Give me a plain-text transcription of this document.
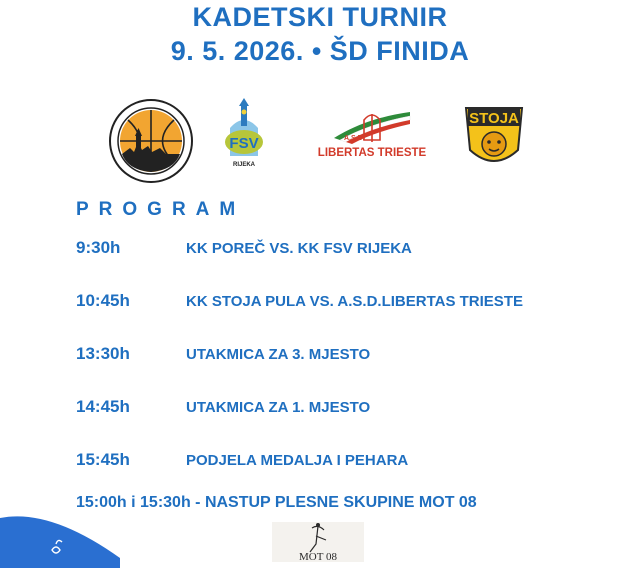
KADETSKI TURNIR
9. 5. 2026. • ŠD FINIDA
FSV
RIJEKA
A.S.D.
LIBERTAS TRIESTE
STOJA
PROGRAM
9:30h	KK POREČ VS. KK FSV RIJEKA
10:45h	KK STOJA PULA VS. A.S.D.LIBERTAS TRIESTE
13:30h	UTAKMICA ZA 3. MJESTO
14:45h	UTAKMICA ZA 1. MJESTO
15:45h	PODJELA MEDALJA I PEHARA
15:00h i 15:30h - NASTUP PLESNE SKUPINE MOT 08
MOT 08
